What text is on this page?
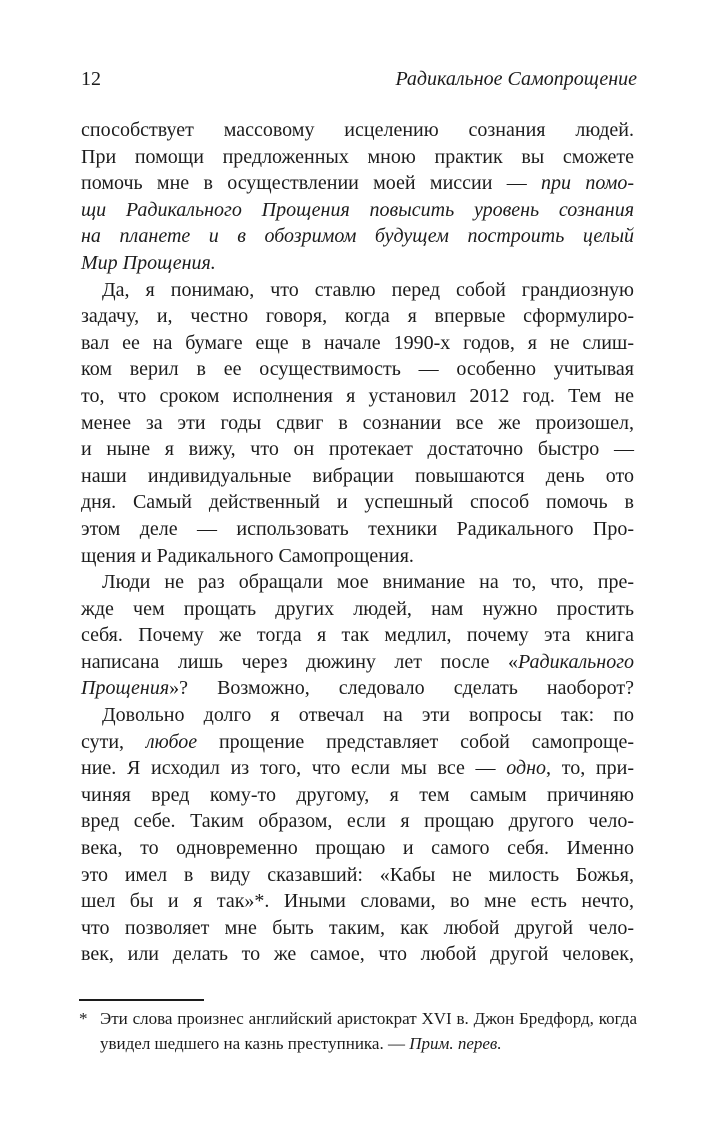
12	Радикальное Самопрощение
способствует массовому исцелению сознания людей.
При помощи предложенных мною практик вы сможете
помочь мне в осуществлении моей миссии — при помо-
щи Радикального Прощения повысить уровень сознания
на планете и в обозримом будущем построить целый
Мир Прощения.
Да, я понимаю, что ставлю перед собой грандиозную
задачу, и, честно говоря, когда я впервые сформулиро-
вал ее на бумаге еще в начале 1990-х годов, я не слиш-
ком верил в ее осуществимость — особенно учитывая
то, что сроком исполнения я установил 2012 год. Тем не
менее за эти годы сдвиг в сознании все же произошел,
и ныне я вижу, что он протекает достаточно быстро —
наши индивидуальные вибрации повышаются день ото
дня. Самый действенный и успешный способ помочь в
этом деле — использовать техники Радикального Про-
щения и Радикального Самопрощения.
Люди не раз обращали мое внимание на то, что, пре-
жде чем прощать других людей, нам нужно простить
себя. Почему же тогда я так медлил, почему эта книга
написана лишь через дюжину лет после «Радикального
Прощения»? Возможно, следовало сделать наоборот?
Довольно долго я отвечал на эти вопросы так: по
сути, любое прощение представляет собой самопроще-
ние. Я исходил из того, что если мы все — одно, то, при-
чиняя вред кому-то другому, я тем самым причиняю
вред себе. Таким образом, если я прощаю другого чело-
века, то одновременно прощаю и самого себя. Именно
это имел в виду сказавший: «Кабы не милость Божья,
шел бы и я так»*. Иными словами, во мне есть нечто,
что позволяет мне быть таким, как любой другой чело-
век, или делать то же самое, что любой другой человек,
* Эти слова произнес английский аристократ XVI в. Джон Бредфорд, когда
увидел шедшего на казнь преступника. — Прим. перев.
